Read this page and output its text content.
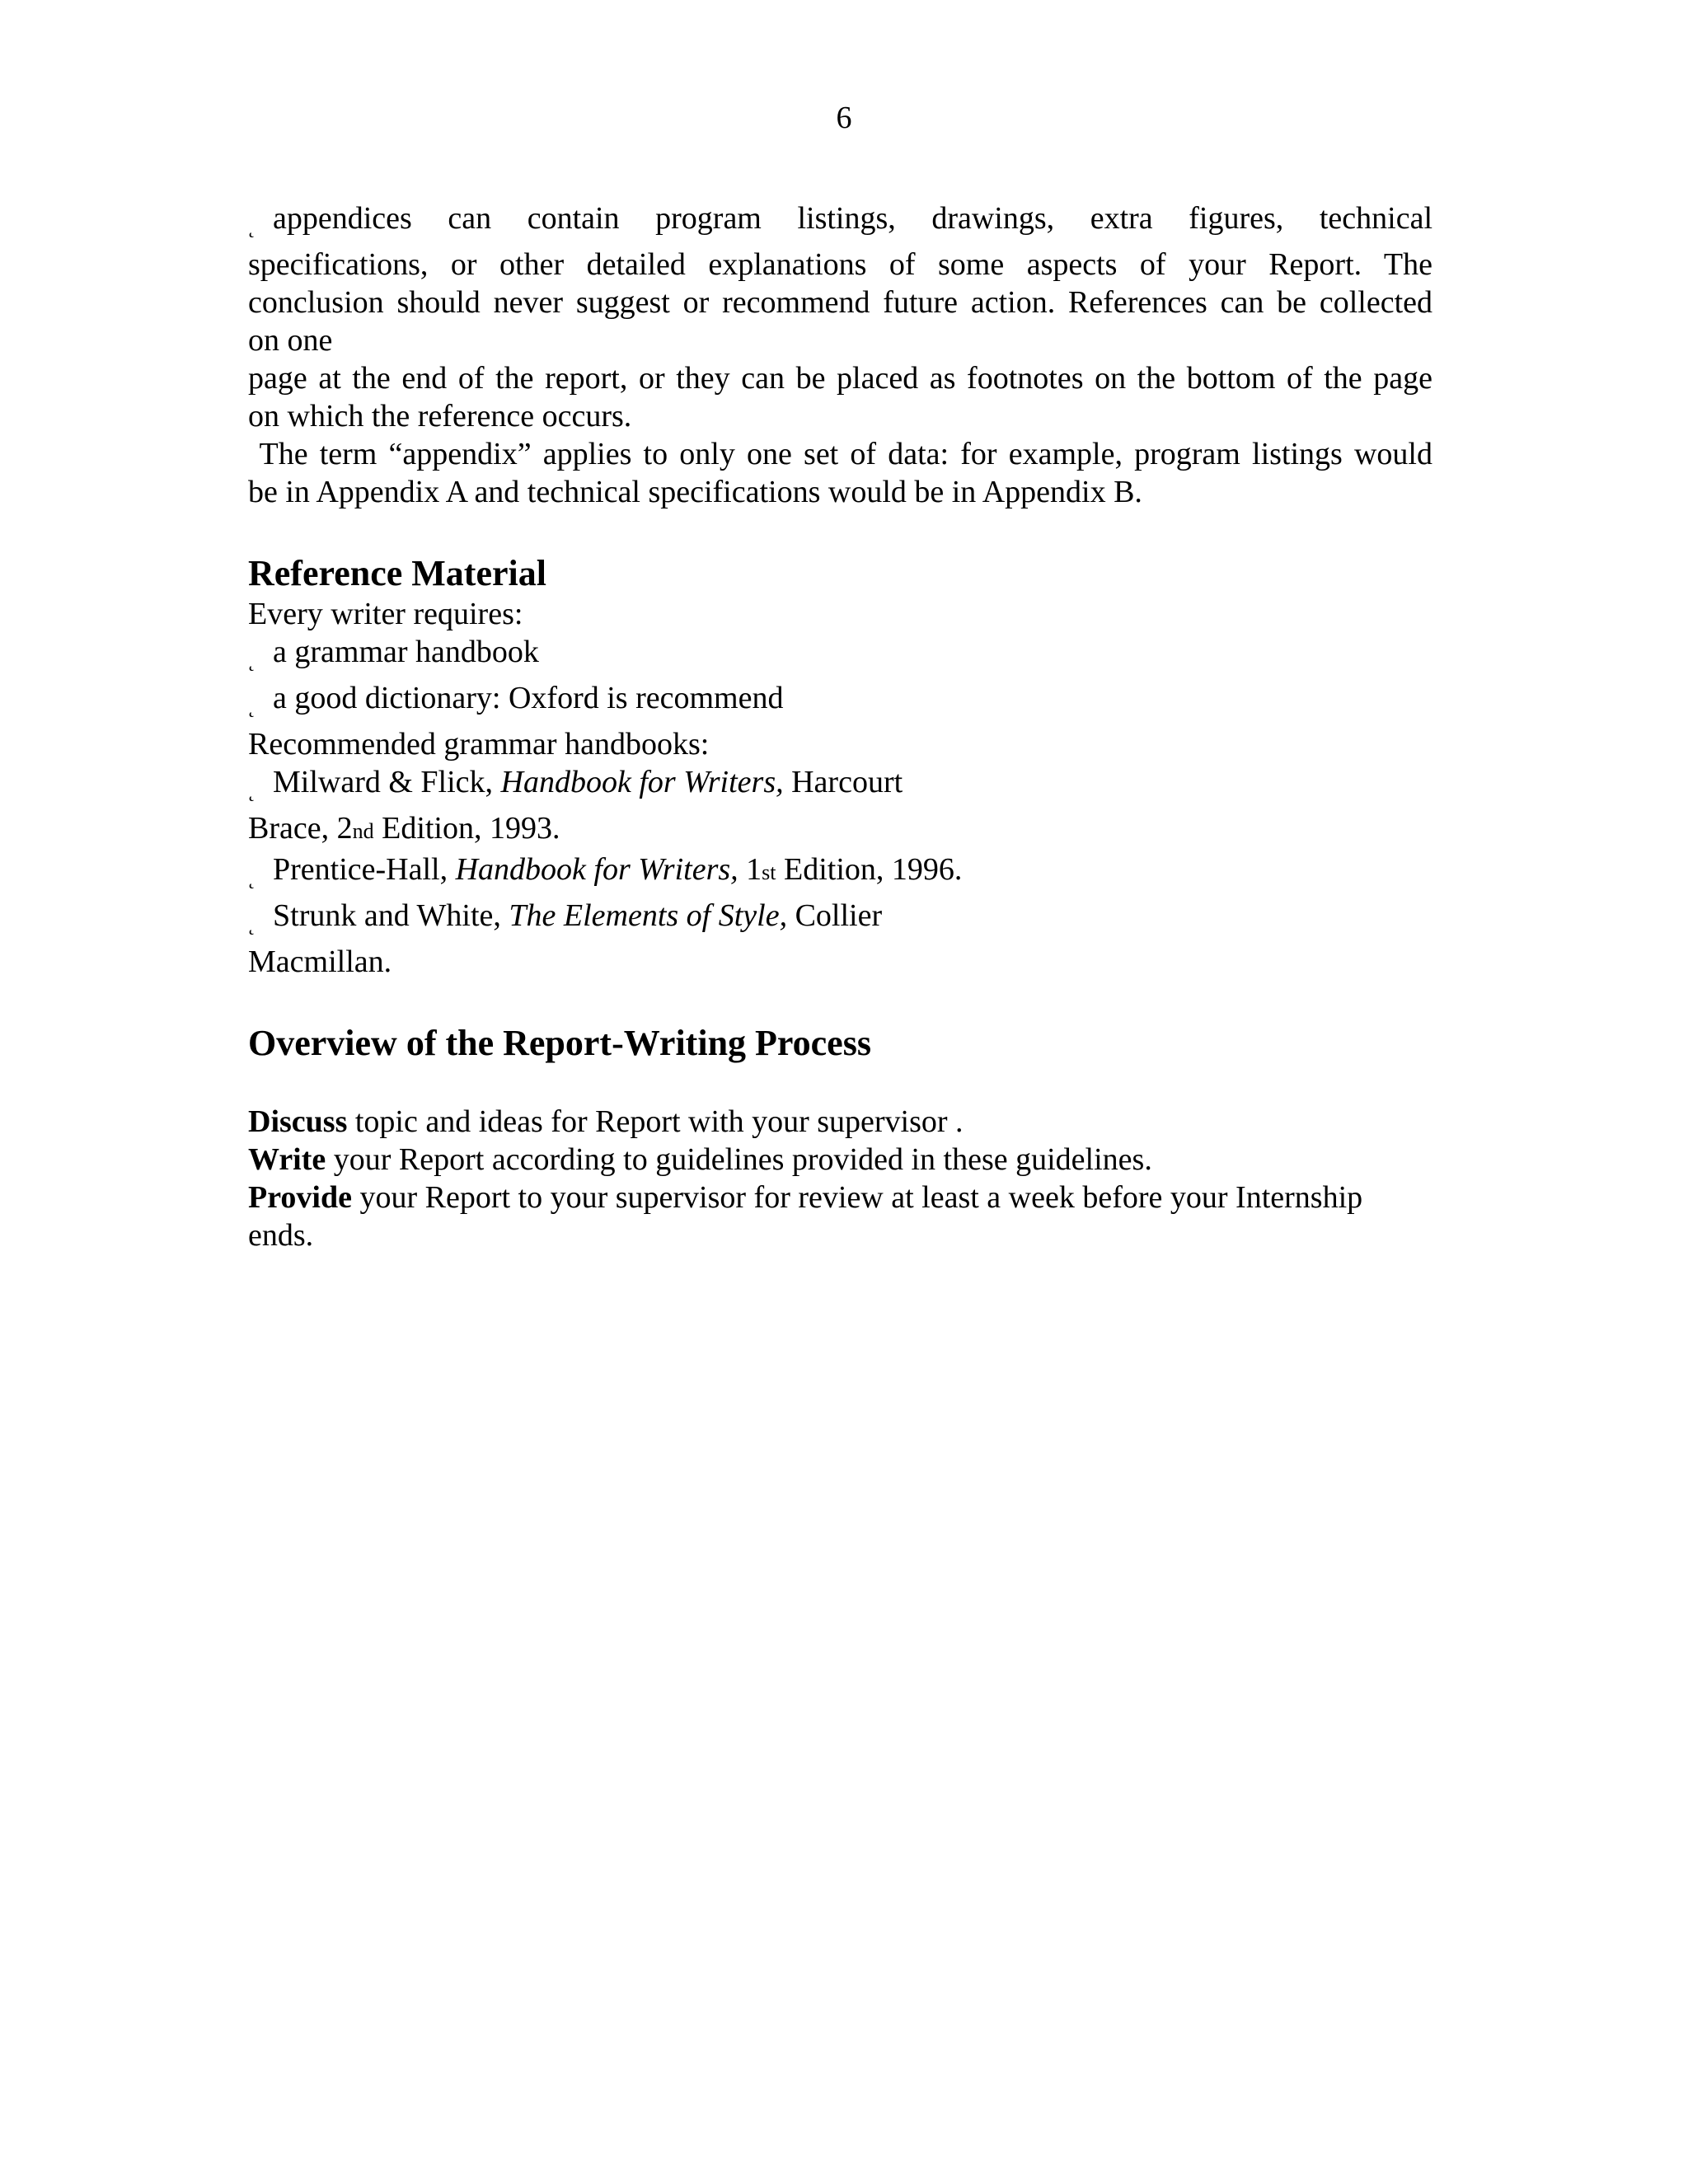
6
˛ appendices can contain program listings, drawings, extra figures, technical
specifications, or other detailed explanations of some aspects of your Report. The
conclusion should never suggest or recommend future action. References can be collected
on one
page at the end of the report, or they can be placed as footnotes on the bottom of the page
on which the reference occurs.
The term “appendix” applies to only one set of data: for example, program listings would
be in Appendix A and technical specifications would be in Appendix B.
Reference Material
Every writer requires:
˛ a grammar handbook
˛ a good dictionary: Oxford is recommend
Recommended grammar handbooks:
˛ Milward & Flick, Handbook for Writers, Harcourt
Brace, 2nd Edition, 1993.
˛ Prentice-Hall, Handbook for Writers, 1st Edition, 1996.
˛ Strunk and White, The Elements of Style, Collier
Macmillan.
Overview of the Report-Writing Process
Discuss topic and ideas for Report with your supervisor .
Write your Report according to guidelines provided in these guidelines.
Provide your Report to your supervisor for review at least a week before your Internship
ends.
